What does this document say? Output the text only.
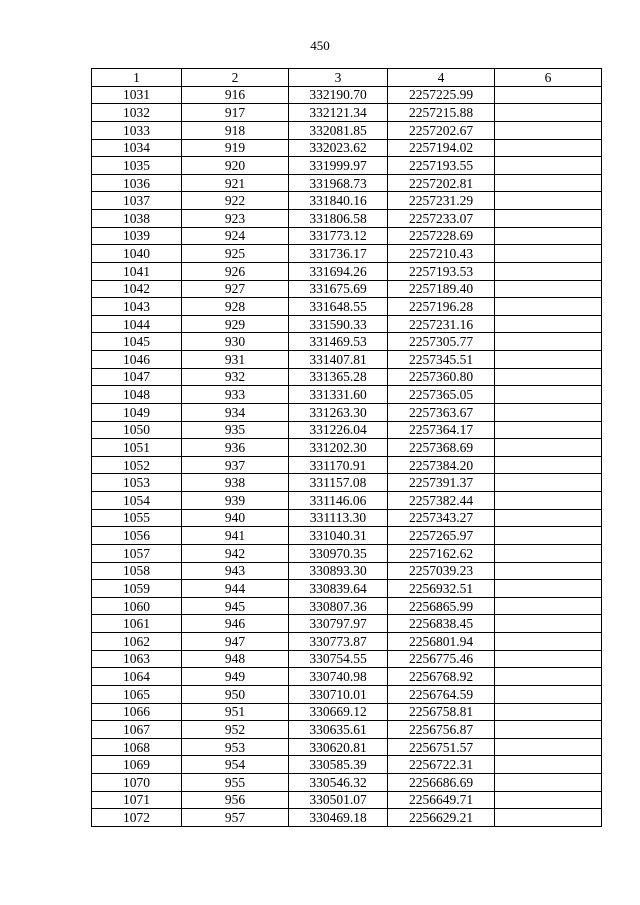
450
1	2	3	4	6
1031	916	332190.70	2257225.99	
1032	917	332121.34	2257215.88	
1033	918	332081.85	2257202.67	
1034	919	332023.62	2257194.02	
1035	920	331999.97	2257193.55	
1036	921	331968.73	2257202.81	
1037	922	331840.16	2257231.29	
1038	923	331806.58	2257233.07	
1039	924	331773.12	2257228.69	
1040	925	331736.17	2257210.43	
1041	926	331694.26	2257193.53	
1042	927	331675.69	2257189.40	
1043	928	331648.55	2257196.28	
1044	929	331590.33	2257231.16	
1045	930	331469.53	2257305.77	
1046	931	331407.81	2257345.51	
1047	932	331365.28	2257360.80	
1048	933	331331.60	2257365.05	
1049	934	331263.30	2257363.67	
1050	935	331226.04	2257364.17	
1051	936	331202.30	2257368.69	
1052	937	331170.91	2257384.20	
1053	938	331157.08	2257391.37	
1054	939	331146.06	2257382.44	
1055	940	331113.30	2257343.27	
1056	941	331040.31	2257265.97	
1057	942	330970.35	2257162.62	
1058	943	330893.30	2257039.23	
1059	944	330839.64	2256932.51	
1060	945	330807.36	2256865.99	
1061	946	330797.97	2256838.45	
1062	947	330773.87	2256801.94	
1063	948	330754.55	2256775.46	
1064	949	330740.98	2256768.92	
1065	950	330710.01	2256764.59	
1066	951	330669.12	2256758.81	
1067	952	330635.61	2256756.87	
1068	953	330620.81	2256751.57	
1069	954	330585.39	2256722.31	
1070	955	330546.32	2256686.69	
1071	956	330501.07	2256649.71	
1072	957	330469.18	2256629.21	
